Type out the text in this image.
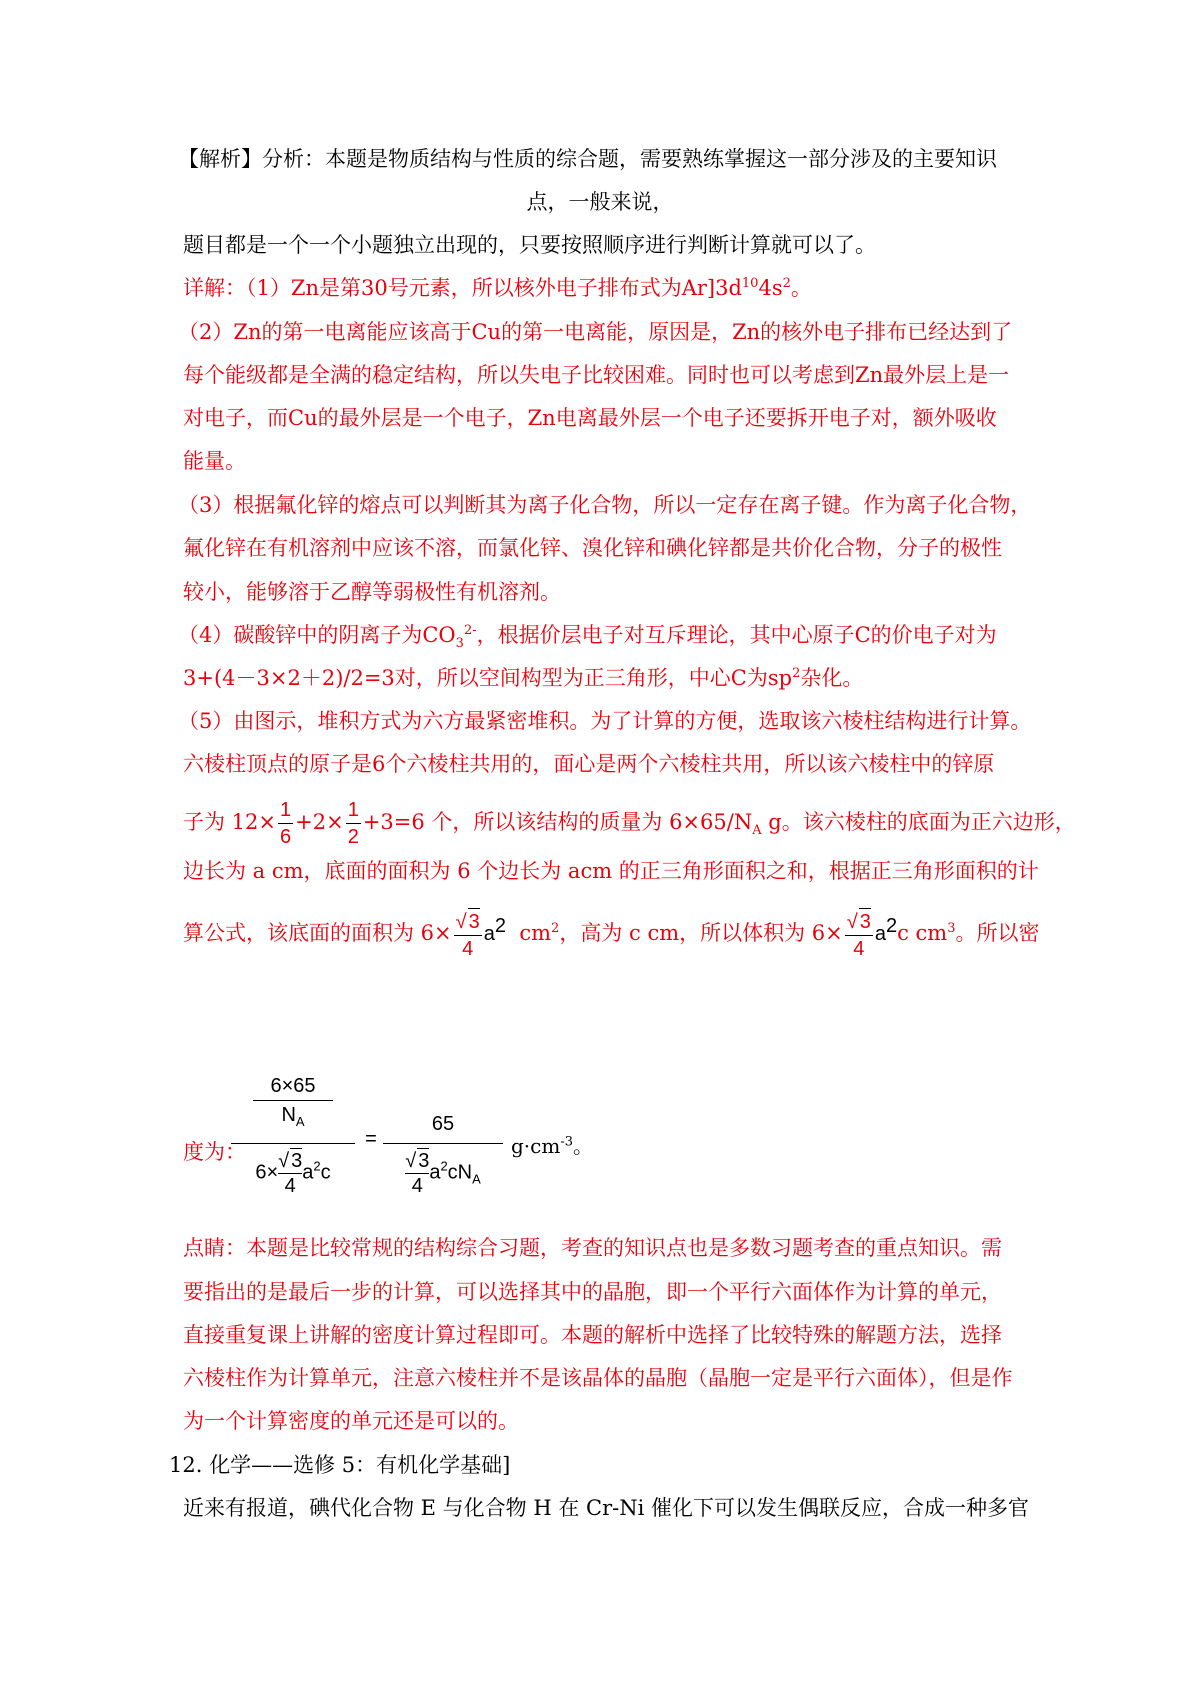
【解析】分析：本题是物质结构与性质的综合题，需要熟练掌握这一部分涉及的主要知识
点，一般来说，
题目都是一个一个小题独立出现的，只要按照顺序进行判断计算就可以了。
详解：（1）Zn是第30号元素，所以核外电子排布式为$Ar]3d^{10}4s^2$。
（2）Zn的第一电离能应该高于Cu的第一电离能，原因是，Zn的核外电子排布已经达到了
每个能级都是全满的稳定结构，所以失电子比较困难。同时也可以考虑到Zn最外层上是一
对电子，而Cu的最外层是一个电子，Zn电离最外层一个电子还要拆开电子对，额外吸收
能量。
（3）根据氟化锌的熔点可以判断其为离子化合物，所以一定存在离子键。作为离子化合物，
氟化锌在有机溶剂中应该不溶，而氯化锌、溴化锌和碘化锌都是共价化合物，分子的极性
较小，能够溶于乙醇等弱极性有机溶剂。
（4）碳酸锌中的阴离子为$CO_3^{2-}$，根据价层电子对互斥理论，其中心原子C的价电子对为
3+(4－3×2＋2)/2=3对，所以空间构型为正三角形，中心C为$sp^2$杂化。
（5）由图示，堆积方式为六方最紧密堆积。为了计算的方便，选取该六棱柱结构进行计算。
六棱柱顶点的原子是6个六棱柱共用的，面心是两个六棱柱共用，所以该六棱柱中的锌原
子为 $12\times \frac{1}{6} +2\times \frac{1}{2} +3=6$ 个，所以该结构的质量为 $6\times 65/N_A$ g。该六棱柱的底面为正六边形，
边长为 a cm，底面的面积为 6 个边长为 acm 的正三角形面积之和，根据正三角形面积的计
算公式，该底面的面积为 $6\times \frac{√ 3}{4} a^2$ $cm^2$，高为 c cm，所以体积为 $6\times \frac{√ 3}{4} a^2c$ $cm^3$。所以密
度为：
6×65
$N_A$
$6\times \frac{√ 3}{4} a^2c$
=
65
$\frac{√ 3}{4} a^2cN_A$
$g\cdot cm^{-3}$。
点睛：本题是比较常规的结构综合习题，考查的知识点也是多数习题考查的重点知识。需
要指出的是最后一步的计算，可以选择其中的晶胞，即一个平行六面体作为计算的单元，
直接重复课上讲解的密度计算过程即可。本题的解析中选择了比较特殊的解题方法，选择
六棱柱作为计算单元，注意六棱柱并不是该晶体的晶胞（晶胞一定是平行六面体），但是作
为一个计算密度的单元还是可以的。
12. 化学——选修 5：有机化学基础]
近来有报道，碘代化合物 E 与化合物 H 在 Cr-Ni 催化下可以发生偶联反应，合成一种多官
